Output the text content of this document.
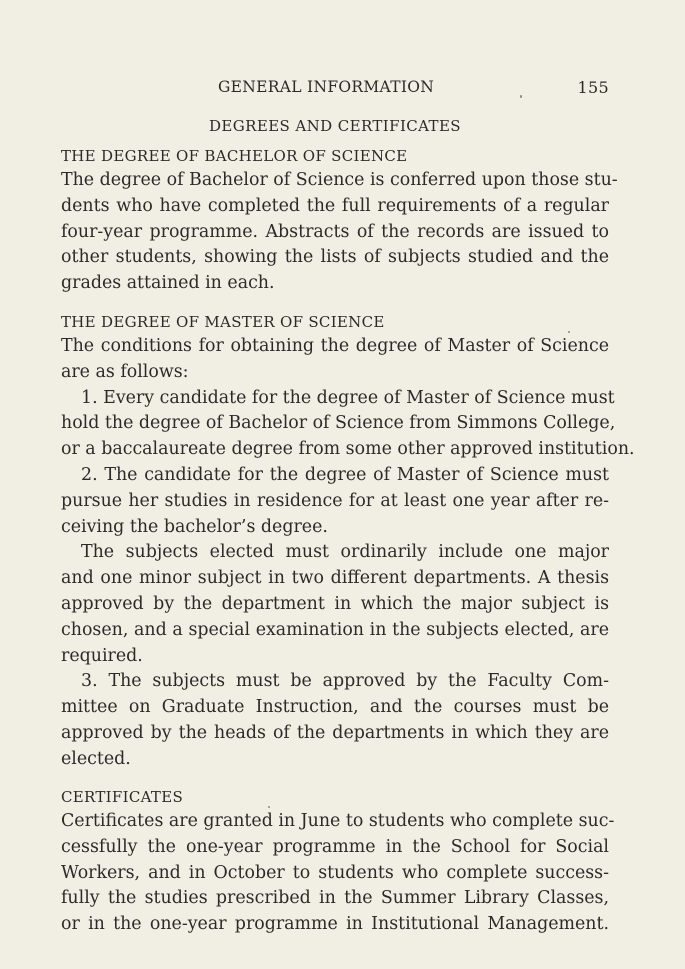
GENERAL INFORMATION	155
DEGREES AND CERTIFICATES
THE DEGREE OF BACHELOR OF SCIENCE
The degree of Bachelor of Science is conferred upon those stu-
dents who have completed the full requirements of a regular
four-year programme. Abstracts of the records are issued to
other students, showing the lists of subjects studied and the
grades attained in each.
THE DEGREE OF MASTER OF SCIENCE
The conditions for obtaining the degree of Master of Science
are as follows:
1. Every candidate for the degree of Master of Science must
hold the degree of Bachelor of Science from Simmons College,
or a baccalaureate degree from some other approved institution.
2. The candidate for the degree of Master of Science must
pursue her studies in residence for at least one year after re-
ceiving the bachelor’s degree.
The subjects elected must ordinarily include one major
and one minor subject in two different departments. A thesis
approved by the department in which the major subject is
chosen, and a special examination in the subjects elected, are
required.
3. The subjects must be approved by the Faculty Com-
mittee on Graduate Instruction, and the courses must be
approved by the heads of the departments in which they are
elected.
CERTIFICATES
Certificates are granted in June to students who complete suc-
cessfully the one-year programme in the School for Social
Workers, and in October to students who complete success-
fully the studies prescribed in the Summer Library Classes,
or in the one-year programme in Institutional Management.
